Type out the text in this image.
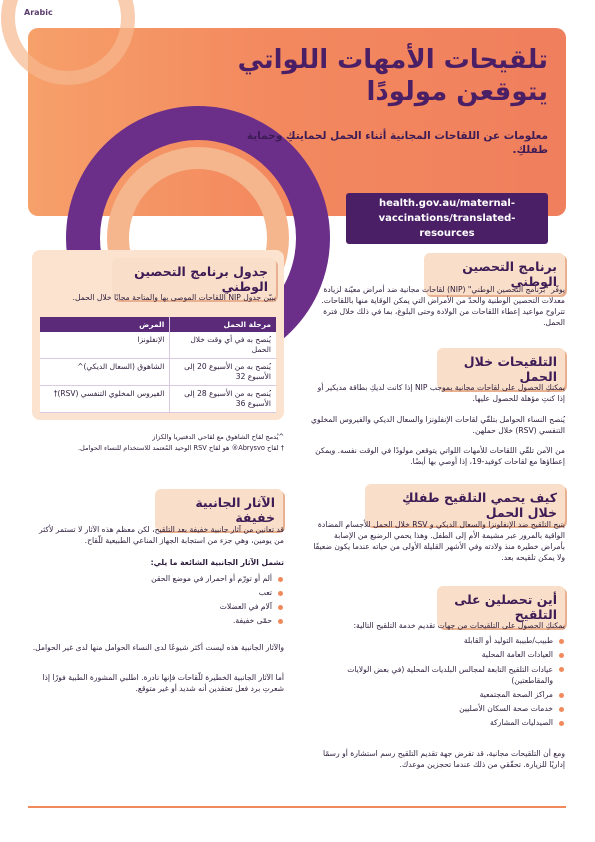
Arabic
تلقيحات الأمهات اللواتي يتوقعن مولودًا
معلومات عن اللقاحات المجانية أثناء الحمل لحمايتكِ وحماية طفلكِ.
health.gov.au/maternal-vaccinations/translated-resources
برنامج التحصين الوطني

يوفّر "برنامج التحصين الوطني" (NIP) لقاحات مجانية ضد أمراض معيّنة لزيادة معدلات التحصين الوطنية والحدّ من الأمراض التي يمكن الوقاية منها باللقاحات. تتراوح مواعيد إعطاء اللقاحات من الولادة وحتى البلوغ، بما في ذلك خلال فترة الحمل.

التلقيحات خلال الحمل

يمكنكِ الحصول على لقاحات مجانية بموجب NIP إذا كانت لديكِ بطاقة مديكير أو إذا كنتِ مؤهلة للحصول عليها.

يُنصح النساء الحوامل بتلقّي لقاحات الإنفلونزا والسعال الديكي والفيروس المخلوي التنفسي (RSV) خلال حملهن.

من الآمن تلقّي اللقاحات للأمهات اللواتي يتوقعن مولودًا في الوقت نفسه. ويمكن إعطاؤها مع لقاحات كوفيد-19، إذا أوصي بها أيضًا.

كيف يحمي التلقيح طفلكِ خلال الحمل

يتيح التلقيح ضد الإنفلونزا والسعال الديكي و RSV خلال الحمل للأجسام المضادة الواقية بالمرور عبر مشيمة الأم إلى الطفل. وهذا يحمي الرضيع من الإصابة بأمراض خطيرة منذ ولادته وفي الأشهر القليلة الأولى من حياته عندما يكون ضعيفًا ولا يمكن تلقيحه بعد.

أين تحصلين على التلقيح

يمكنكِ الحصول على التلقيحات من جهات تقديم خدمة التلقيح التالية:

طبيب/طبيبة التوليد أو القابلة
العيادات العامة المحلية
عيادات التلقيح التابعة لمجالس البلديات المحلية (في بعض الولايات والمقاطعتين)
مراكز الصحة المجتمعية
خدمات صحة السكان الأصليين
الصيدليات المشاركة

ومع أن التلقيحات مجانية، قد تفرض جهة تقديم التلقيح رسم استشارة أو رسمًا إداريًا للزيارة. تحقّقي من ذلك عندما تحجزين موعدك.

جدول برنامج التحصين الوطني

يبيّن جدول NIP اللقاحات الموصى بها والمتاحة مجانًا خلال الحمل.

مرحلة الحمل	المرض
يُنصح به في أي وقت خلال الحمل	الإنفلونزا
يُنصح به من الأسبوع 20 إلى الأسبوع 32	الشاهوق (السعال الديكي)^
يُنصح به من الأسبوع 28 إلى الأسبوع 36	الفيروس المخلوي التنفسي (RSV)†

^يُدمج لقاح الشاهوق مع لقاحي الدفتيريا والكزاز

† لقاح Abrysvo® هو لقاح RSV الوحيد المُعتمد للاستخدام للنساء الحوامل.

الآثار الجانبية خفيفة

قد تعانين من آثار جانبية خفيفة بعد التلقيح، لكن معظم هذه الآثار لا تستمر لأكثر من يومين، وهي جزء من استجابة الجهاز المناعي الطبيعية للّقاح.

تشمل الآثار الجانبية الشائعة ما يلي:

ألم أو تورّم أو احمرار في موضع الحقن
تعب
آلام في العضلات
حمّى خفيفة.

والآثار الجانبية هذه ليست أكثر شيوعًا لدى النساء الحوامل منها لدى غير الحوامل.

أما الآثار الجانبية الخطيرة للّقاحات فإنها نادرة. اطلبي المشورة الطبية فورًا إذا شعرتِ برد فعل تعتقدين أنه شديد أو غير متوقع.
